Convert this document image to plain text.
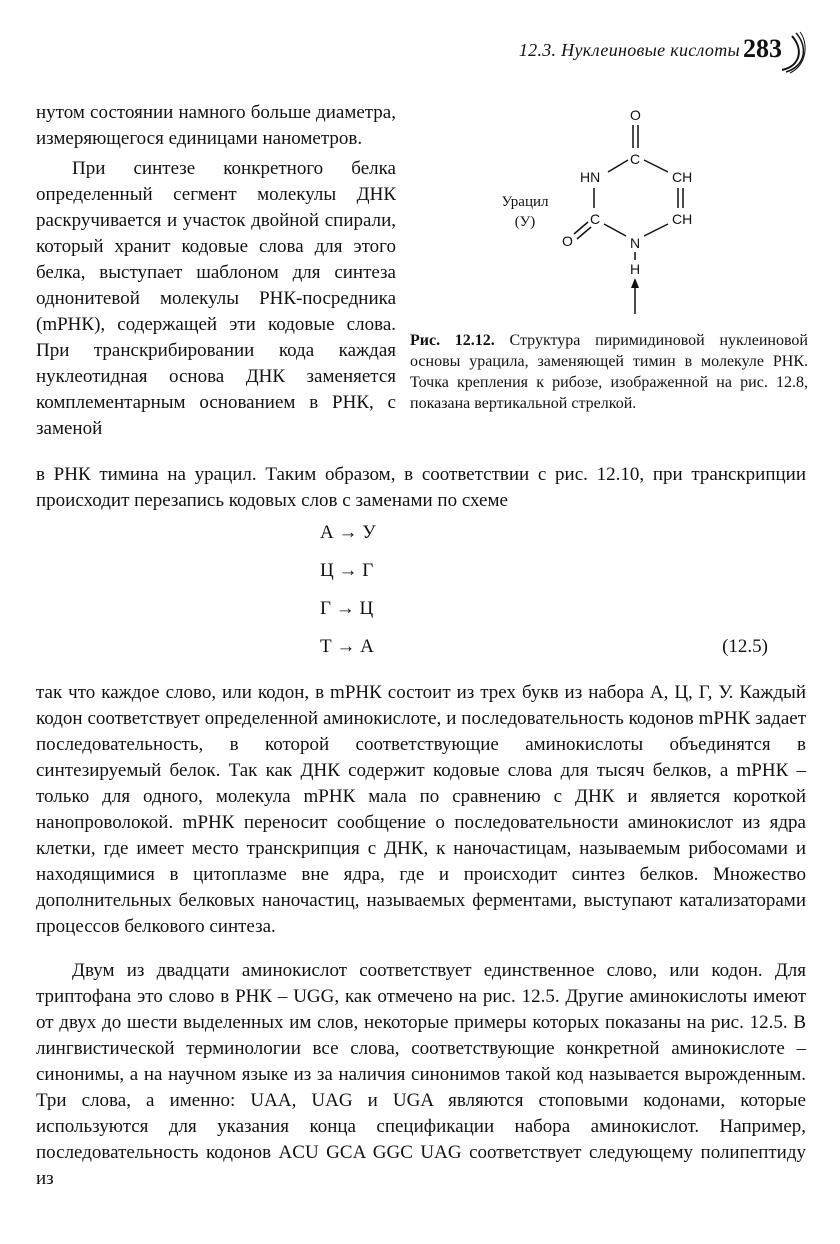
12.3. Нуклеиновые кислоты 283

нутом состоянии намного больше диаметра, измеряющегося единицами нанометров.

При синтезе конкретного белка определенный сегмент молекулы ДНК раскручивается и участок двойной спирали, который хранит кодовые слова для этого белка, выступает шаблоном для синтеза однонитевой молекулы РНК-посредника (mРНК), содержащей эти кодовые слова. При транскрибировании кода каждая нуклеотидная основа ДНК заменяется комплементарным основанием в РНК, с заменой

Урацил
(У)
O
C
HN	CH
C	CH
O	N
H
Рис. 12.12. Структура пиримидиновой нуклеиновой основы урацила, заменяющей тимин в молекуле РНК. Точка крепления к рибозе, изображенной на рис. 12.8, показана вертикальной стрелкой.

в РНК тимина на урацил. Таким образом, в соответствии с рис. 12.10, при транскрипции происходит перезапись кодовых слов с заменами по схеме

А → У
Ц → Г
Г → Ц
Т → А	(12.5)

так что каждое слово, или кодон, в mРНК состоит из трех букв из набора А, Ц, Г, У. Каждый кодон соответствует определенной аминокислоте, и последовательность кодонов mРНК задает последовательность, в которой соответствующие аминокислоты объединятся в синтезируемый белок. Так как ДНК содержит кодовые слова для тысяч белков, а mРНК – только для одного, молекула mРНК мала по сравнению с ДНК и является короткой нанопроволокой. mРНК переносит сообщение о последовательности аминокислот из ядра клетки, где имеет место транскрипция с ДНК, к наночастицам, называемым рибосомами и находящимися в цитоплазме вне ядра, где и происходит синтез белков. Множество дополнительных белковых наночастиц, называемых ферментами, выступают катализаторами процессов белкового синтеза.

Двум из двадцати аминокислот соответствует единственное слово, или кодон. Для триптофана это слово в РНК – UGG, как отмечено на рис. 12.5. Другие аминокислоты имеют от двух до шести выделенных им слов, некоторые примеры которых показаны на рис. 12.5. В лингвистической терминологии все слова, соответствующие конкретной аминокислоте – синонимы, а на научном языке из за наличия синонимов такой код называется вырожденным. Три слова, а именно: UAA, UAG и UGA являются стоповыми кодонами, которые используются для указания конца спецификации набора аминокислот. Например, последовательность кодонов ACU GCA GGC UAG соответствует следующему полипептиду из
